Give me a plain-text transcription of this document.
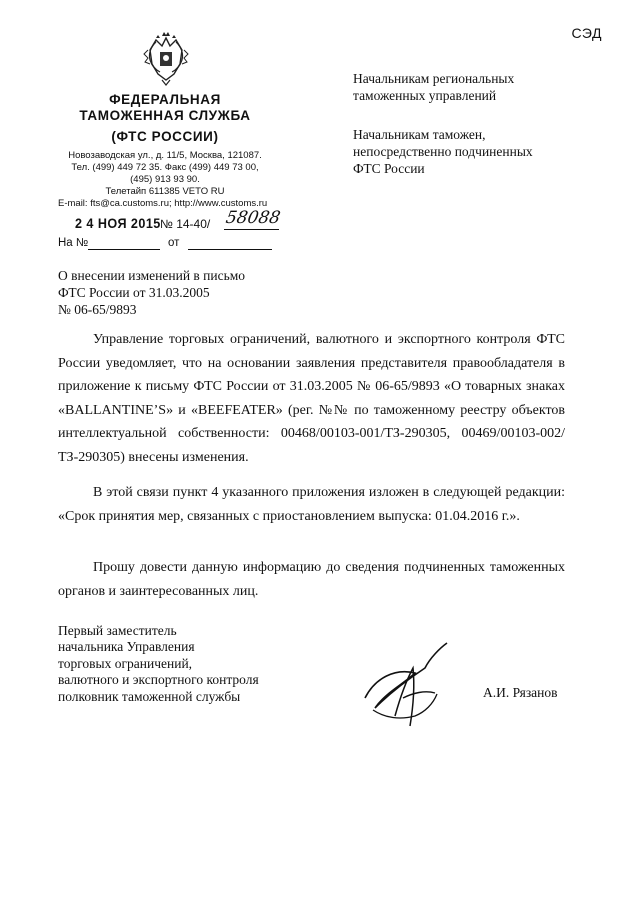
ФЕДЕРАЛЬНАЯ
ТАМОЖЕННАЯ СЛУЖБА
(ФТС РОССИИ)
Новозаводская ул., д. 11/5, Москва, 121087.
Тел. (499) 449 72 35. Факс (499) 449 73 00,
(495) 913 93 90.
Телетайп 611385 VETO RU
E-mail: fts@ca.customs.ru; http://www.customs.ru
2 4 НОЯ 2015 № 14-40/ 58088
На №	от
О внесении изменений в письмо
ФТС России от 31.03.2005
№ 06-65/9893
СЭД
Начальникам региональных
таможенных управлений
Начальникам таможен,
непосредственно подчиненных
ФТС России
Управление торговых ограничений, валютного и экспортного контроля ФТС России уведомляет, что на основании заявления представителя правообладателя в приложение к письму ФТС России от 31.03.2005 № 06-65/9893 «О товарных знаках «BALLANTINE’S» и «BEEFEATER» (рег. №№ по таможенному реестру объектов интеллектуальной собственности: 00468/00103-001/ТЗ-290305, 00469/00103-002/ТЗ-290305) внесены изменения.
В этой связи пункт 4 указанного приложения изложен в следующей редакции: «Срок принятия мер, связанных с приостановлением выпуска: 01.04.2016 г.».
Прошу довести данную информацию до сведения подчиненных таможенных органов и заинтересованных лиц.
Первый заместитель
начальника Управления
торговых ограничений,
валютного и экспортного контроля
полковник таможенной службы	А.И. Рязанов
